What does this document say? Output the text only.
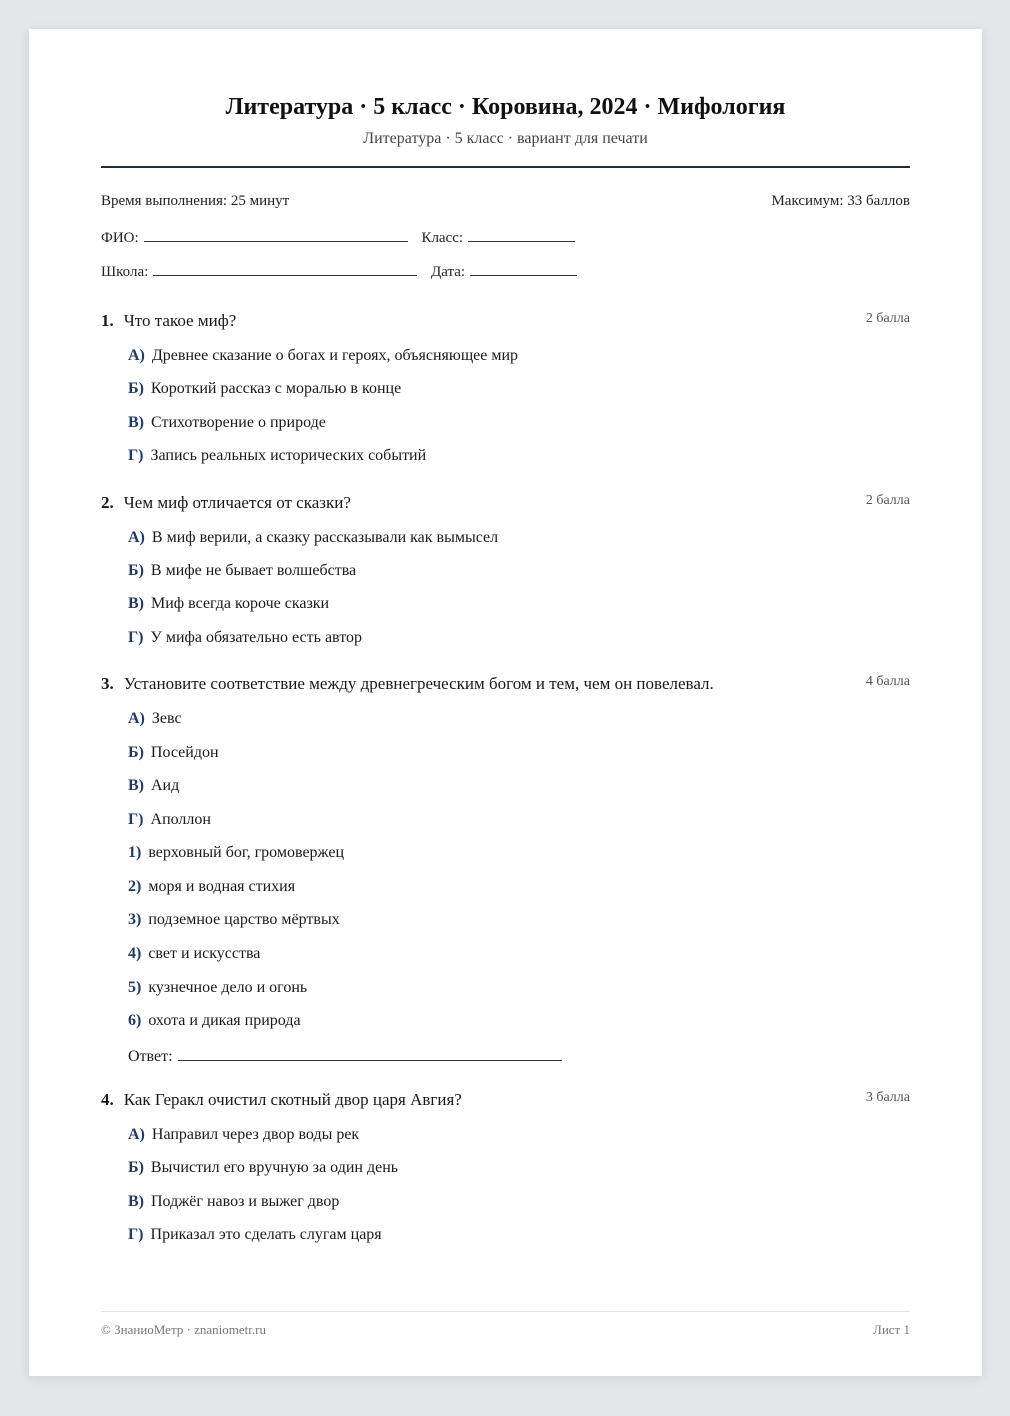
Литература · 5 класс · Коровина, 2024 · Мифология
Литература · 5 класс · вариант для печати
Время выполнения: 25 минут	Максимум: 33 баллов
ФИО:	Класс:
Школа:	Дата:
1. Что такое миф?	2 балла
А) Древнее сказание о богах и героях, объясняющее мир
Б) Короткий рассказ с моралью в конце
В) Стихотворение о природе
Г) Запись реальных исторических событий
2. Чем миф отличается от сказки?	2 балла
А) В миф верили, а сказку рассказывали как вымысел
Б) В мифе не бывает волшебства
В) Миф всегда короче сказки
Г) У мифа обязательно есть автор
3. Установите соответствие между древнегреческим богом и тем, чем он повелевал.	4 балла
А) Зевс
Б) Посейдон
В) Аид
Г) Аполлон
1) верховный бог, громовержец
2) моря и водная стихия
3) подземное царство мёртвых
4) свет и искусства
5) кузнечное дело и огонь
6) охота и дикая природа
Ответ:
4. Как Геракл очистил скотный двор царя Авгия?	3 балла
А) Направил через двор воды рек
Б) Вычистил его вручную за один день
В) Поджёг навоз и выжег двор
Г) Приказал это сделать слугам царя
© ЗнаниоМетр · znaniometr.ru	Лист 1
